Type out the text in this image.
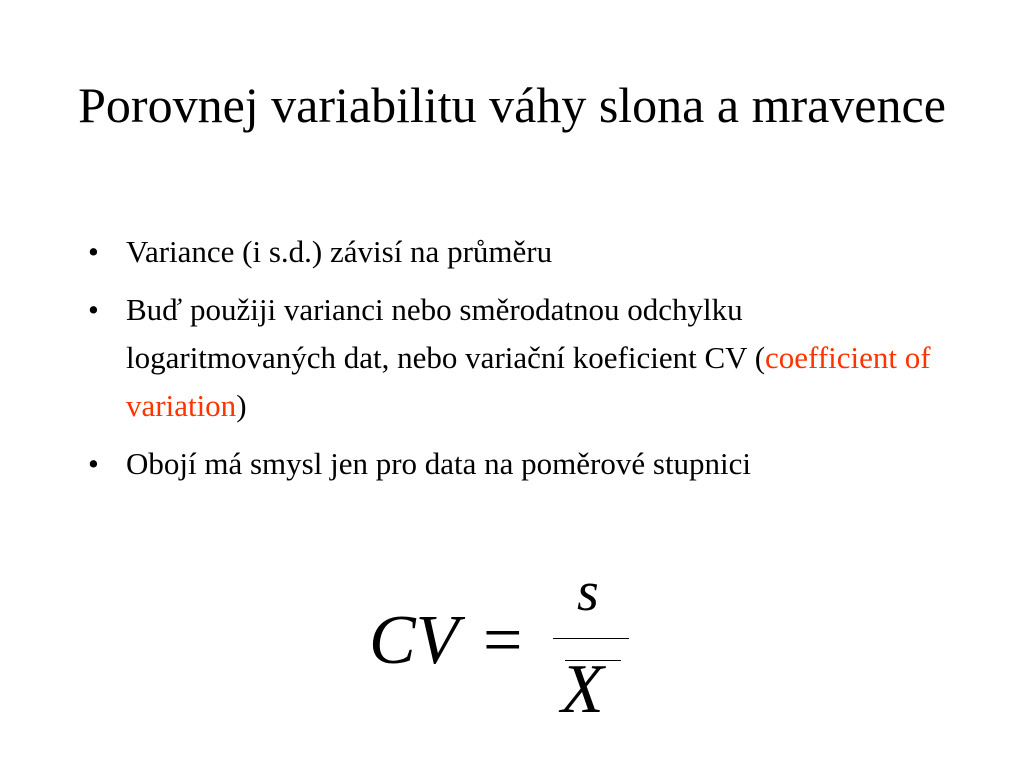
Porovnej variabilitu váhy slona a mravence
• Variance (i s.d.) závisí na průměru
• Buď použiji varianci nebo směrodatnou odchylku logaritmovaných dat, nebo variační koeficient CV (coefficient of variation)
• Obojí má smysl jen pro data na poměrové stupnici
CV =
s
X
